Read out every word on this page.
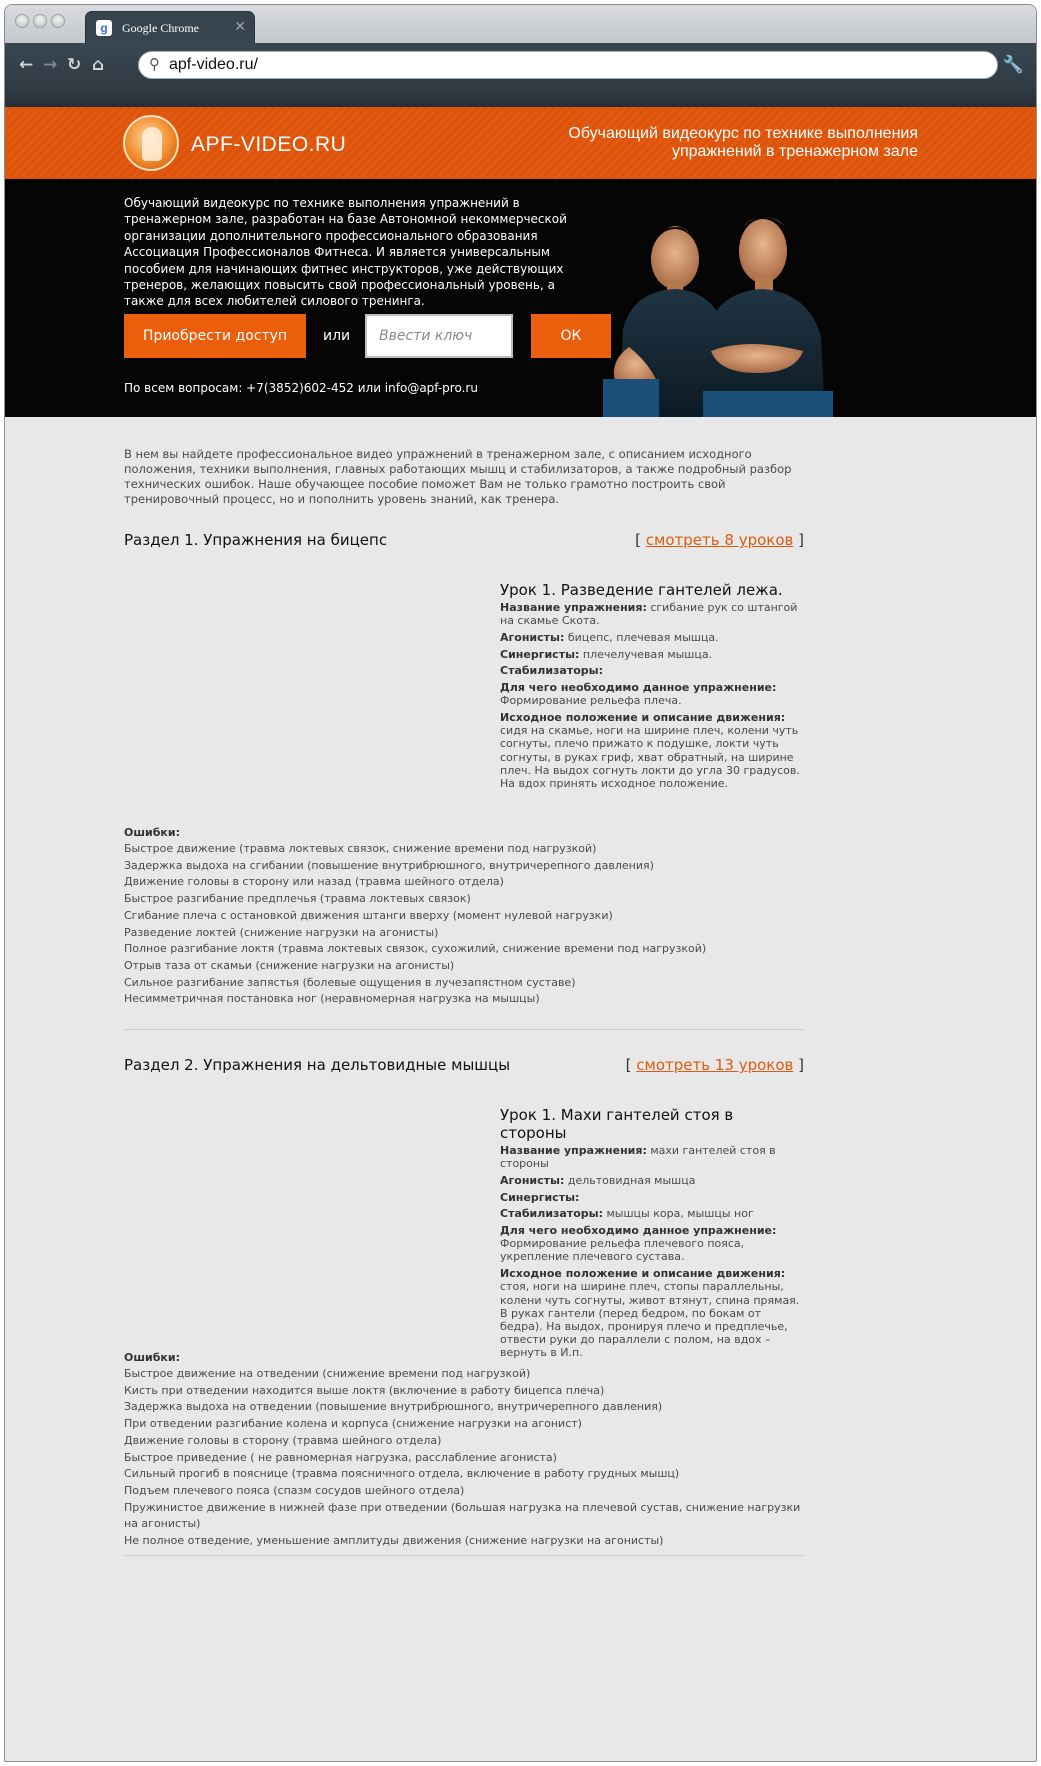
g	Google Chrome	✕
← → ↻ ⌂	⚲ apf-video.ru/	🔧
APF-VIDEO.RU	Обучающий видеокурс по технике выполнения упражнений в тренажерном зале
Обучающий видеокурс по технике выполнения упражнений в тренажерном зале, разработан на базе Автономной некоммерческой организации дополнительного профессионального образования Ассоциация Профессионалов Фитнеса. И является универсальным пособием для начинающих фитнес инструкторов, уже действующих тренеров, желающих повысить свой профессиональный уровень, а также для всех любителей силового тренинга.
Приобрести доступ	или	Ввести ключ	ОК
По всем вопросам: +7(3852)602-452 или info@apf-pro.ru
В нем вы найдете профессиональное видео упражнений в тренажерном зале, с описанием исходного положения, техники выполнения, главных работающих мышц и стабилизаторов, а также подробный разбор технических ошибок. Наше обучающее пособие поможет Вам не только грамотно построить свой тренировочный процесс, но и пополнить уровень знаний, как тренера.
Раздел 1. Упражнения на бицепс	[ смотреть 8 уроков ]
Урок 1. Разведение гантелей лежа.

Название упражнения: сгибание рук со штангой на скамье Скота.

Агонисты: бицепс, плечевая мышца.

Синергисты: плечелучевая мышца.

Стабилизаторы:

Для чего необходимо данное упражнение:
Формирование рельефа плеча.

Исходное положение и описание движения: сидя на скамье, ноги на ширине плеч, колени чуть согнуты, плечо прижато к подушке, локти чуть согнуты, в руках гриф, хват обратный, на ширине плеч. На выдох согнуть локти до угла 30 градусов. На вдох принять исходное положение.

Ошибки:
Быстрое движение (травма локтевых связок, снижение времени под нагрузкой)
Задержка выдоха на сгибании (повышение внутрибрюшного, внутричерепного давления)
Движение головы в сторону или назад (травма шейного отдела)
Быстрое разгибание предплечья (травма локтевых связок)
Сгибание плеча с остановкой движения штанги вверху (момент нулевой нагрузки)
Разведение локтей (снижение нагрузки на агонисты)
Полное разгибание локтя (травма локтевых связок, сухожилий, снижение времени под нагрузкой)
Отрыв таза от скамьи (снижение нагрузки на агонисты)
Сильное разгибание запястья (болевые ощущения в лучезапястном суставе)
Несимметричная постановка ног (неравномерная нагрузка на мышцы)
Раздел 2. Упражнения на дельтовидные мышцы	[ смотреть 13 уроков ]
Урок 1. Махи гантелей стоя в стороны

Название упражнения: махи гантелей стоя в стороны

Агонисты: дельтовидная мышца

Синергисты:

Стабилизаторы: мышцы кора, мышцы ног

Для чего необходимо данное упражнение:
Формирование рельефа плечевого пояса, укрепление плечевого сустава.

Исходное положение и описание движения: стоя, ноги на ширине плеч, стопы параллельны, колени чуть согнуты, живот втянут, спина прямая. В руках гантели (перед бедром, по бокам от бедра). На выдох, пронируя плечо и предплечье, отвести руки до параллели с полом, на вдох – вернуть в И.п.

Ошибки:
Быстрое движение на отведении (снижение времени под нагрузкой)
Кисть при отведении находится выше локтя (включение в работу бицепса плеча)
Задержка выдоха на отведении (повышение внутрибрюшного, внутричерепного давления)
При отведении разгибание колена и корпуса (снижение нагрузки на агонист)
Движение головы в сторону (травма шейного отдела)
Быстрое приведение ( не равномерная нагрузка, расслабление агониста)
Сильный прогиб в пояснице (травма поясничного отдела, включение в работу грудных мышц)
Подъем плечевого пояса (спазм сосудов шейного отдела)
Пружинистое движение в нижней фазе при отведении (большая нагрузка на плечевой сустав, снижение нагрузки на агонисты)
Не полное отведение, уменьшение амплитуды движения (снижение нагрузки на агонисты)
